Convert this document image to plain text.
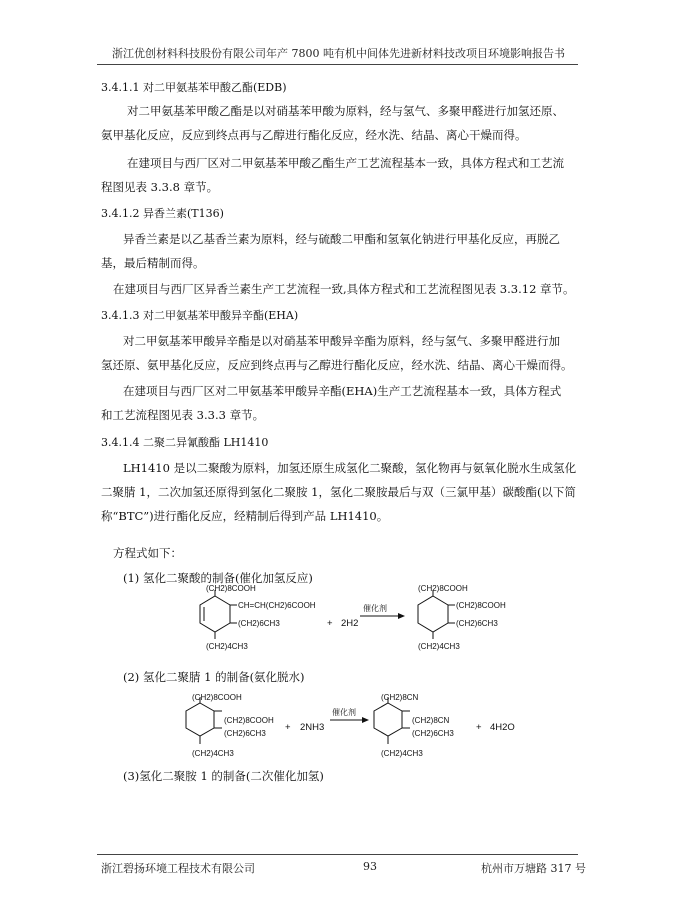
浙江优创材料科技股份有限公司年产 7800 吨有机中间体先进新材料技改项目环境影响报告书
3.4.1.1 对二甲氨基苯甲酸乙酯(EDB)
对二甲氨基苯甲酸乙酯是以对硝基苯甲酸为原料，经与氢气、多聚甲醛进行加氢还原、
氨甲基化反应，反应到终点再与乙醇进行酯化反应，经水洗、结晶、离心干燥而得。
在建项目与西厂区对二甲氨基苯甲酸乙酯生产工艺流程基本一致，具体方程式和工艺流
程图见表 3.3.8 章节。
3.4.1.2 异香兰素(T136)
异香兰素是以乙基香兰素为原料，经与硫酸二甲酯和氢氧化钠进行甲基化反应，再脱乙
基，最后精制而得。
在建项目与西厂区异香兰素生产工艺流程一致,具体方程式和工艺流程图见表 3.3.12 章节。
3.4.1.3 对二甲氨基苯甲酸异辛酯(EHA)
对二甲氨基苯甲酸异辛酯是以对硝基苯甲酸异辛酯为原料，经与氢气、多聚甲醛进行加
氢还原、氨甲基化反应，反应到终点再与乙醇进行酯化反应，经水洗、结晶、离心干燥而得。
在建项目与西厂区对二甲氨基苯甲酸异辛酯(EHA)生产工艺流程基本一致，具体方程式
和工艺流程图见表 3.3.3 章节。
3.4.1.4 二聚二异氰酸酯 LH1410
LH1410 是以二聚酸为原料，加氢还原生成氢化二聚酸，氢化物再与氨氧化脱水生成氢化
二聚腈 1，二次加氢还原得到氢化二聚胺 1，氢化二聚胺最后与双（三氯甲基）碳酸酯(以下简
称“BTC”)进行酯化反应，经精制后得到产品 LH1410。
方程式如下：
(1) 氢化二聚酸的制备(催化加氢反应)
(CH2)8COOH
CH=CH(CH2)6COOH
(CH2)6CH3
(CH2)4CH3
+ 2H2
催化剂
(CH2)8COOH
(CH2)8COOH
(CH2)6CH3
(CH2)4CH3
(2) 氢化二聚腈 1 的制备(氨化脱水)
(CH2)8COOH
(CH2)8COOH
(CH2)6CH3
(CH2)4CH3
+ 2NH3
催化剂
(CH2)8CN
(CH2)8CN
(CH2)6CH3
(CH2)4CH3
+ 4H2O
(3)氢化二聚胺 1 的制备(二次催化加氢)
浙江碧扬环境工程技术有限公司	93	杭州市万塘路 317 号
